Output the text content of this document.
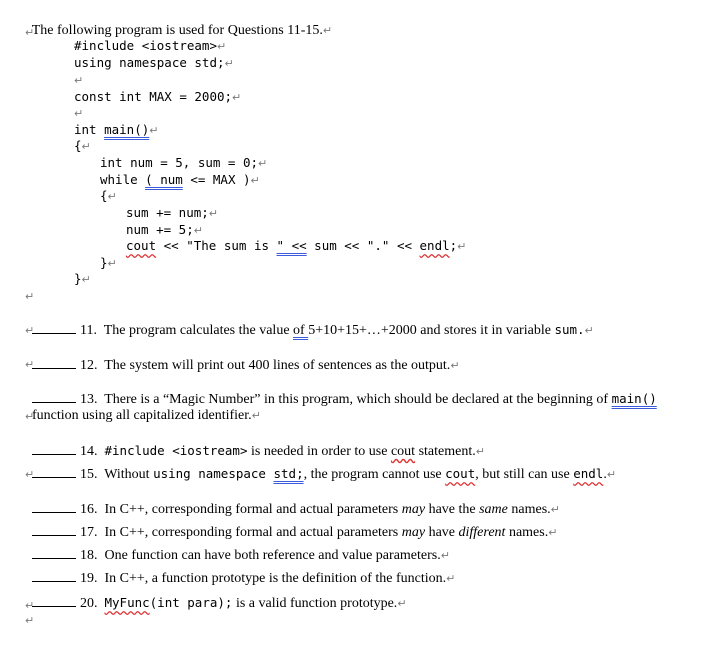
The following program is used for Questions 11-15.↵

↵
#include <iostream>↵
using namespace std;↵
↵
const int MAX = 2000;↵
↵
int main()↵
{↵
int num = 5, sum = 0;↵
while ( num <= MAX )↵
{↵
sum += num;↵
num += 5;↵
cout << "The sum is " << sum << "." << endl;↵
}↵
}↵
↵

11. The program calculates the value of 5+10+15+…+2000 and stores it in variable sum.↵

↵

12. The system will print out 400 lines of sentences as the output.↵

↵

13. There is a “Magic Number” in this program, which should be declared at the beginning of main()

function using all capitalized identifier.↵

↵

14. #include <iostream> is needed in order to use cout statement.↵

15. Without using namespace std;, the program cannot use cout, but still can use endl.↵

↵

16. In C++, corresponding formal and actual parameters may have the same names.↵

17. In C++, corresponding formal and actual parameters may have different names.↵

18. One function can have both reference and value parameters.↵

19. In C++, a function prototype is the definition of the function.↵

20. MyFunc(int para); is a valid function prototype.↵

↵
↵
